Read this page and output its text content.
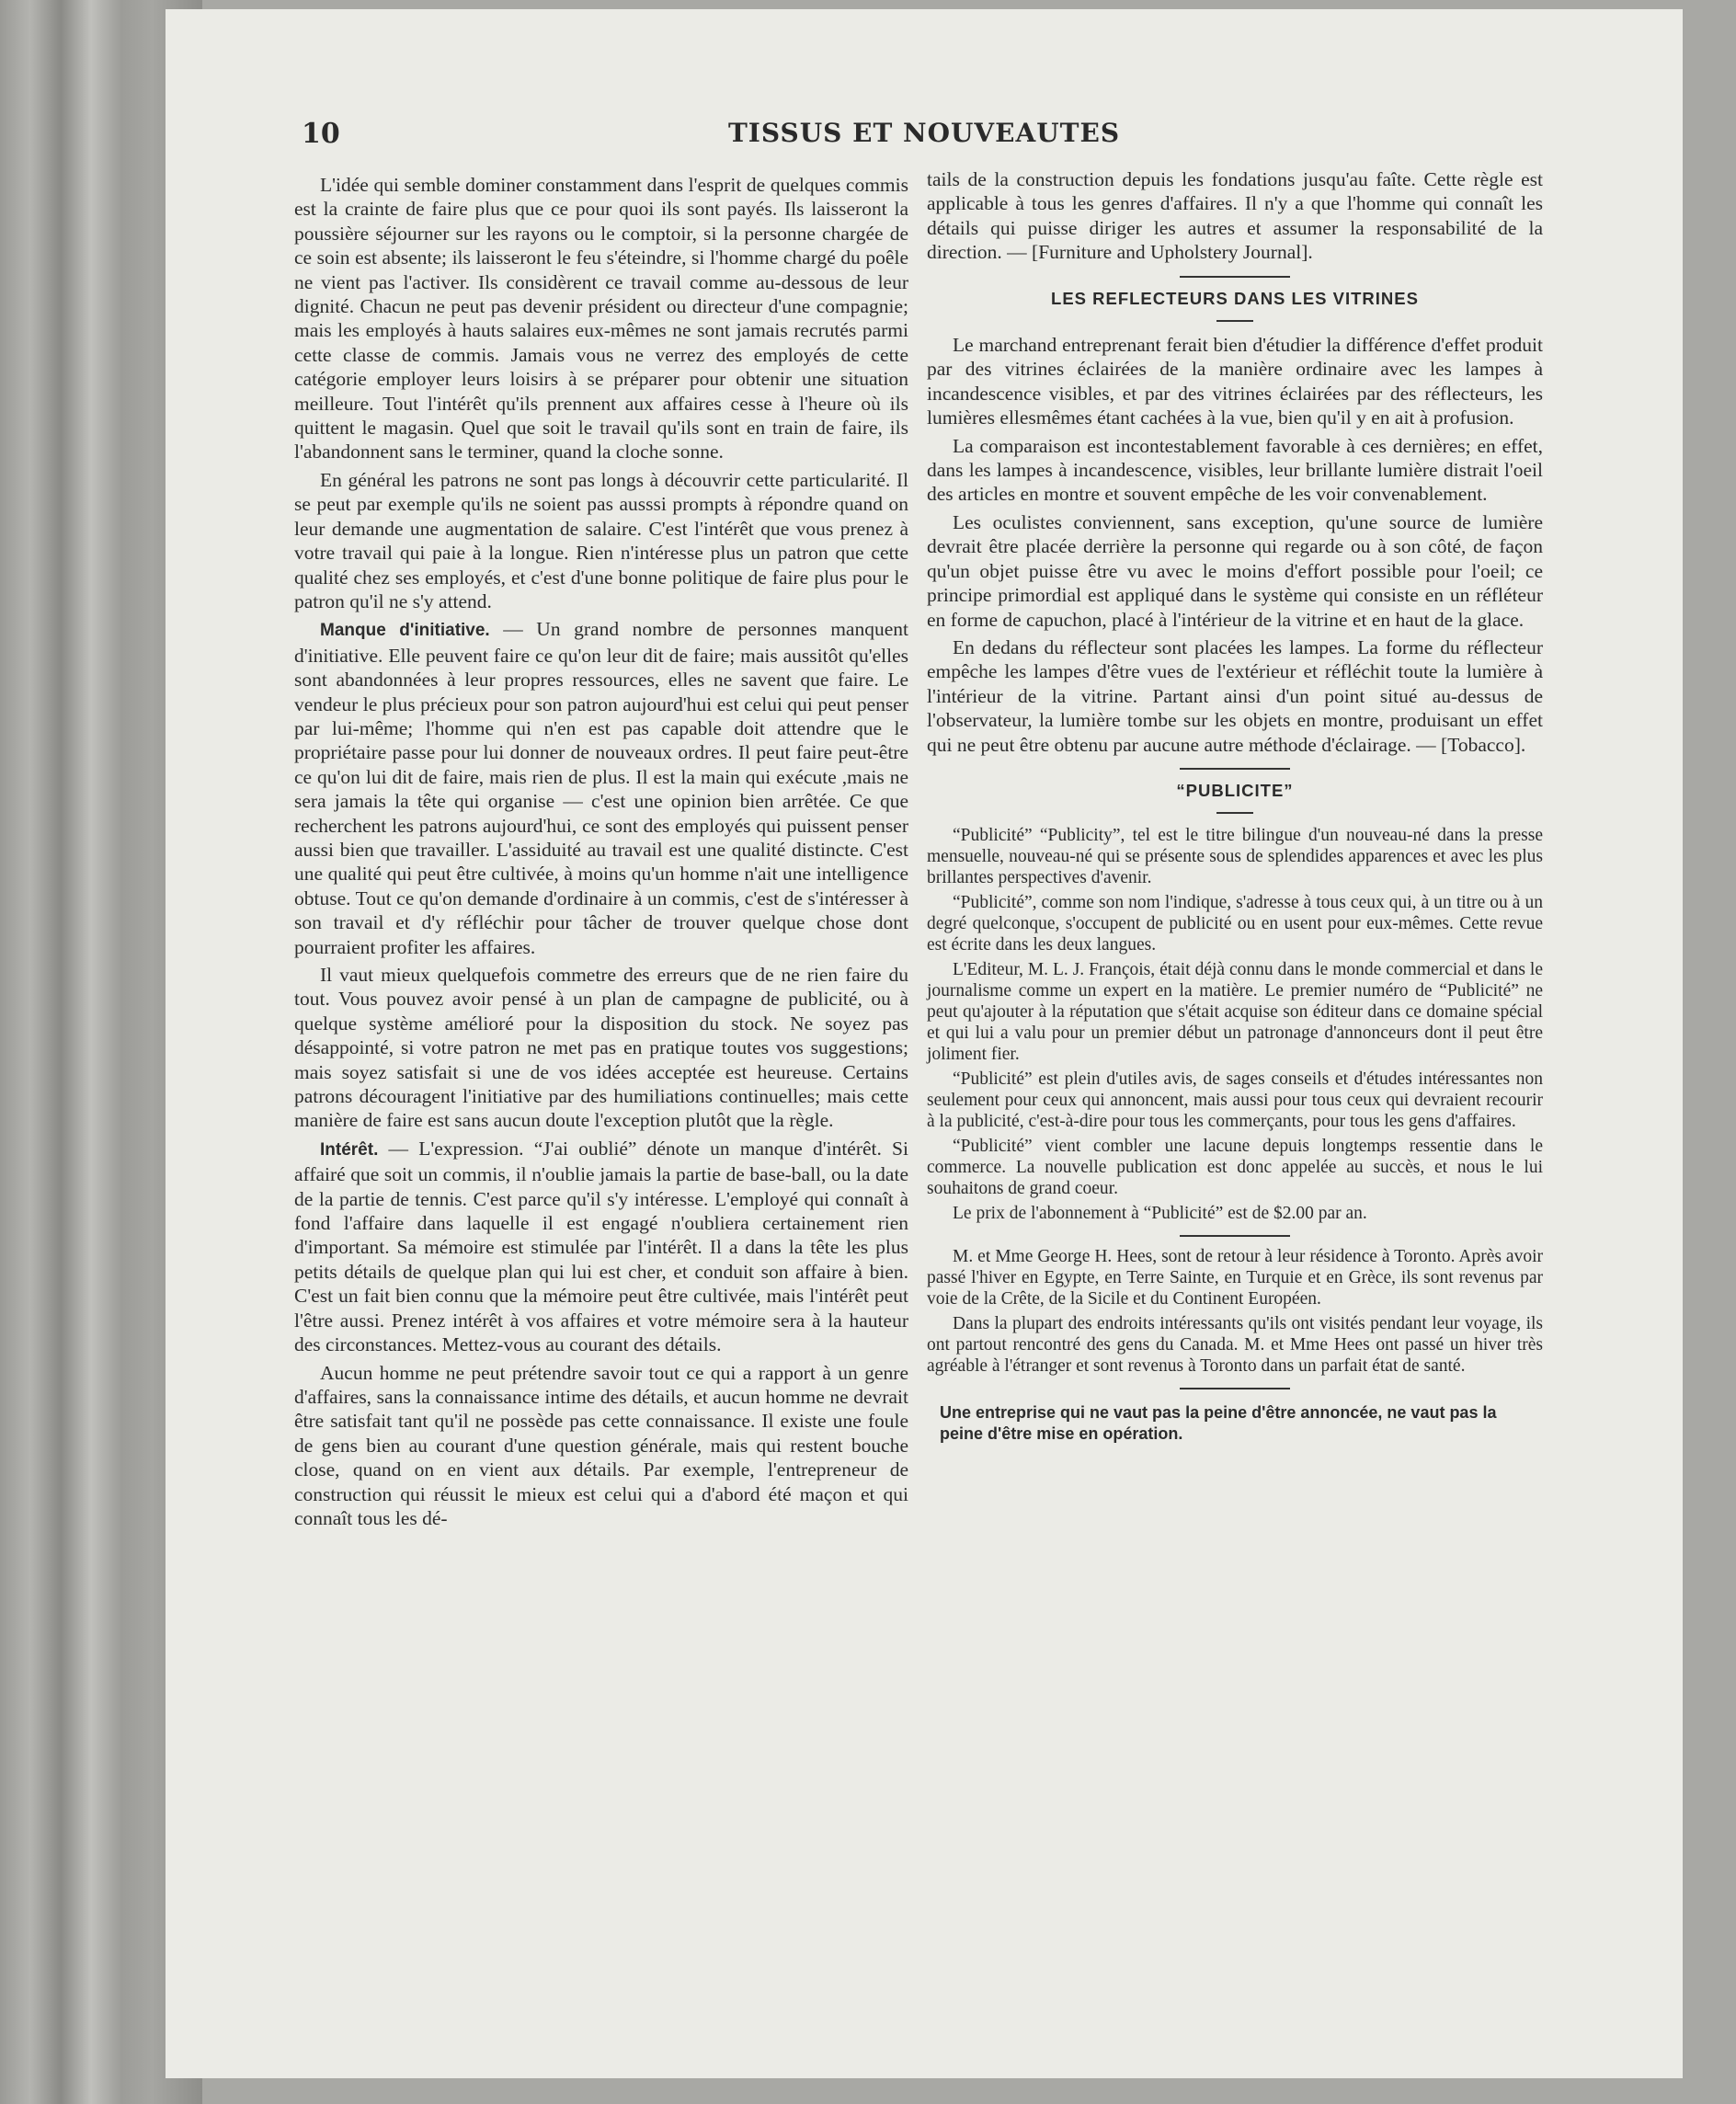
10	TISSUS ET NOUVEAUTES

L'idée qui semble dominer constamment dans l'esprit de quelques commis est la crainte de faire plus que ce pour quoi ils sont payés. Ils laisseront la poussière séjourner sur les rayons ou le comptoir, si la personne chargée de ce soin est absente; ils laisseront le feu s'éteindre, si l'homme chargé du poêle ne vient pas l'activer. Ils considèrent ce travail comme au-dessous de leur dignité. Chacun ne peut pas devenir président ou directeur d'une compagnie; mais les employés à hauts salaires eux-mêmes ne sont jamais recrutés parmi cette classe de commis. Jamais vous ne verrez des employés de cette catégorie employer leurs loisirs à se préparer pour obtenir une situation meilleure. Tout l'intérêt qu'ils prennent aux affaires cesse à l'heure où ils quittent le magasin. Quel que soit le travail qu'ils sont en train de faire, ils l'abandonnent sans le terminer, quand la cloche sonne.

En général les patrons ne sont pas longs à découvrir cette particularité. Il se peut par exemple qu'ils ne soient pas ausssi prompts à répondre quand on leur demande une augmentation de salaire. C'est l'intérêt que vous prenez à votre travail qui paie à la longue. Rien n'intéresse plus un patron que cette qualité chez ses employés, et c'est d'une bonne politique de faire plus pour le patron qu'il ne s'y attend.

Manque d'initiative. — Un grand nombre de personnes manquent d'initiative. Elle peuvent faire ce qu'on leur dit de faire; mais aussitôt qu'elles sont abandonnées à leur propres ressources, elles ne savent que faire. Le vendeur le plus précieux pour son patron aujourd'hui est celui qui peut penser par lui-même; l'homme qui n'en est pas capable doit attendre que le propriétaire passe pour lui donner de nouveaux ordres. Il peut faire peut-être ce qu'on lui dit de faire, mais rien de plus. Il est la main qui exécute ,mais ne sera jamais la tête qui organise — c'est une opinion bien arrêtée. Ce que recherchent les patrons aujourd'hui, ce sont des employés qui puissent penser aussi bien que travailler. L'assiduité au travail est une qualité distincte. C'est une qualité qui peut être cultivée, à moins qu'un homme n'ait une intelligence obtuse. Tout ce qu'on demande d'ordinaire à un commis, c'est de s'intéresser à son travail et d'y réfléchir pour tâcher de trouver quelque chose dont pourraient profiter les affaires.

Il vaut mieux quelquefois commetre des erreurs que de ne rien faire du tout. Vous pouvez avoir pensé à un plan de campagne de publicité, ou à quelque système amélioré pour la disposition du stock. Ne soyez pas désappointé, si votre patron ne met pas en pratique toutes vos suggestions; mais soyez satisfait si une de vos idées acceptée est heureuse. Certains patrons découragent l'initiative par des humiliations continuelles; mais cette manière de faire est sans aucun doute l'exception plutôt que la règle.

Intérêt. — L'expression. “J'ai oublié” dénote un manque d'intérêt. Si affairé que soit un commis, il n'oublie jamais la partie de base-ball, ou la date de la partie de tennis. C'est parce qu'il s'y intéresse. L'employé qui connaît à fond l'affaire dans laquelle il est engagé n'oubliera certainement rien d'important. Sa mémoire est stimulée par l'intérêt. Il a dans la tête les plus petits détails de quelque plan qui lui est cher, et conduit son affaire à bien. C'est un fait bien connu que la mémoire peut être cultivée, mais l'intérêt peut l'être aussi. Prenez intérêt à vos affaires et votre mémoire sera à la hauteur des circonstances. Mettez-vous au courant des détails.

Aucun homme ne peut prétendre savoir tout ce qui a rapport à un genre d'affaires, sans la connaissance intime des détails, et aucun homme ne devrait être satisfait tant qu'il ne possède pas cette connaissance. Il existe une foule de gens bien au courant d'une question générale, mais qui restent bouche close, quand on en vient aux détails. Par exemple, l'entrepreneur de construction qui réussit le mieux est celui qui a d'abord été maçon et qui connaît tous les dé-

tails de la construction depuis les fondations jusqu'au faîte. Cette règle est applicable à tous les genres d'affaires. Il n'y a que l'homme qui connaît les détails qui puisse diriger les autres et assumer la responsabilité de la direction. — [Furniture and Upholstery Journal].

LES REFLECTEURS DANS LES VITRINES

Le marchand entreprenant ferait bien d'étudier la différence d'effet produit par des vitrines éclairées de la manière ordinaire avec les lampes à incandescence visibles, et par des vitrines éclairées par des réflecteurs, les lumières ellesmêmes étant cachées à la vue, bien qu'il y en ait à profusion.

La comparaison est incontestablement favorable à ces dernières; en effet, dans les lampes à incandescence, visibles, leur brillante lumière distrait l'oeil des articles en montre et souvent empêche de les voir convenablement.

Les oculistes conviennent, sans exception, qu'une source de lumière devrait être placée derrière la personne qui regarde ou à son côté, de façon qu'un objet puisse être vu avec le moins d'effort possible pour l'oeil; ce principe primordial est appliqué dans le système qui consiste en un réfléteur en forme de capuchon, placé à l'intérieur de la vitrine et en haut de la glace.

En dedans du réflecteur sont placées les lampes. La forme du réflecteur empêche les lampes d'être vues de l'extérieur et réfléchit toute la lumière à l'intérieur de la vitrine. Partant ainsi d'un point situé au-dessus de l'observateur, la lumière tombe sur les objets en montre, produisant un effet qui ne peut être obtenu par aucune autre méthode d'éclairage. — [Tobacco].

“PUBLICITE”

“Publicité” “Publicity”, tel est le titre bilingue d'un nouveau-né dans la presse mensuelle, nouveau-né qui se présente sous de splendides apparences et avec les plus brillantes perspectives d'avenir.

“Publicité”, comme son nom l'indique, s'adresse à tous ceux qui, à un titre ou à un degré quelconque, s'occupent de publicité ou en usent pour eux-mêmes. Cette revue est écrite dans les deux langues.

L'Editeur, M. L. J. François, était déjà connu dans le monde commercial et dans le journalisme comme un expert en la matière. Le premier numéro de “Publicité” ne peut qu'ajouter à la réputation que s'était acquise son éditeur dans ce domaine spécial et qui lui a valu pour un premier début un patronage d'annonceurs dont il peut être joliment fier.

“Publicité” est plein d'utiles avis, de sages conseils et d'études intéressantes non seulement pour ceux qui annoncent, mais aussi pour tous ceux qui devraient recourir à la publicité, c'est-à-dire pour tous les commerçants, pour tous les gens d'affaires.

“Publicité” vient combler une lacune depuis longtemps ressentie dans le commerce. La nouvelle publication est donc appelée au succès, et nous le lui souhaitons de grand coeur.

Le prix de l'abonnement à “Publicité” est de $2.00 par an.

M. et Mme George H. Hees, sont de retour à leur résidence à Toronto. Après avoir passé l'hiver en Egypte, en Terre Sainte, en Turquie et en Grèce, ils sont revenus par voie de la Crête, de la Sicile et du Continent Européen.

Dans la plupart des endroits intéressants qu'ils ont visités pendant leur voyage, ils ont partout rencontré des gens du Canada. M. et Mme Hees ont passé un hiver très agréable à l'étranger et sont revenus à Toronto dans un parfait état de santé.

Une entreprise qui ne vaut pas la peine d'être annoncée, ne vaut pas la peine d'être mise en opération.
